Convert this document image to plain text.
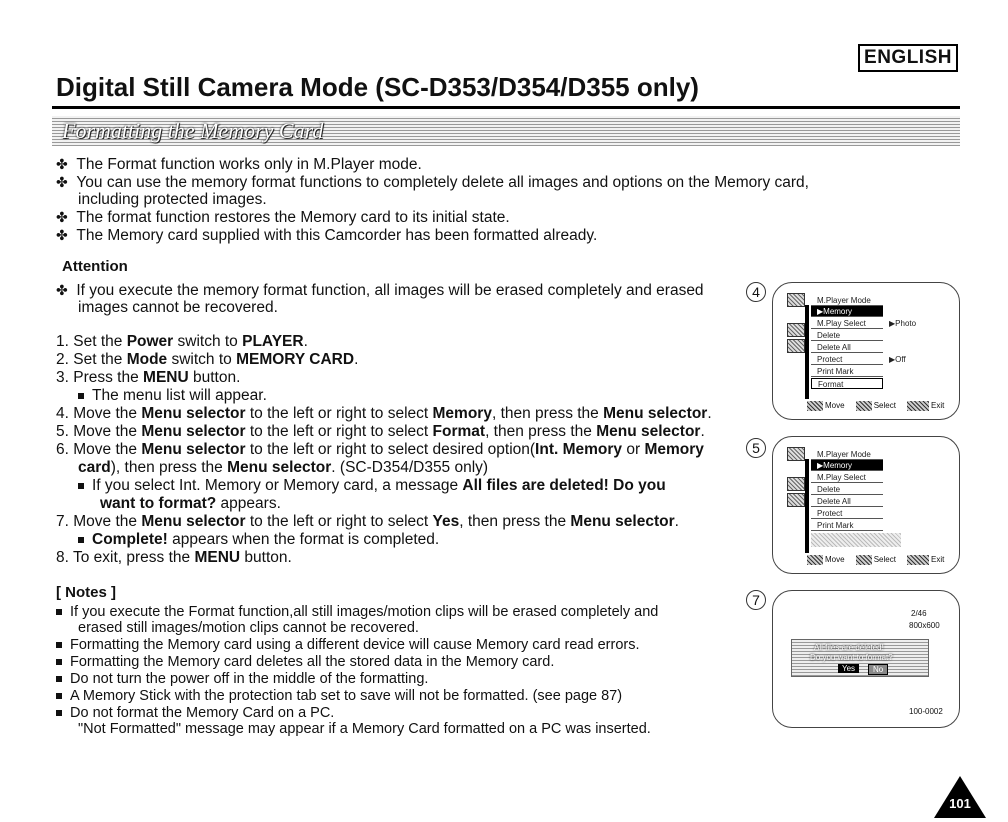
ENGLISH
Digital Still Camera Mode (SC-D353/D354/D355 only)
Formatting the Memory Card
✤ The Format function works only in M.Player mode.
✤ You can use the memory format functions to completely delete all images and options on the Memory card,
including protected images.
✤ The format function restores the Memory card to its initial state.
✤ The Memory card supplied with this Camcorder has been formatted already.
Attention
✤ If you execute the memory format function, all images will be erased completely and erased
images cannot be recovered.
1. Set the Power switch to PLAYER.
2. Set the Mode switch to MEMORY CARD.
3. Press the MENU button.
The menu list will appear.
4. Move the Menu selector to the left or right to select Memory, then press the Menu selector.
5. Move the Menu selector to the left or right to select Format, then press the Menu selector.
6. Move the Menu selector to the left or right to select desired option(Int. Memory or Memory
card), then press the Menu selector. (SC-D354/D355 only)
If you select Int. Memory or Memory card, a message All files are deleted! Do you
want to format? appears.
7. Move the Menu selector to the left or right to select Yes, then press the Menu selector.
Complete! appears when the format is completed.
8. To exit, press the MENU button.
[ Notes ]
If you execute the Format function,all still images/motion clips will be erased completely and
erased still images/motion clips cannot be recovered.
Formatting the Memory card using a different device will cause Memory card read errors.
Formatting the Memory card deletes all the stored data in the Memory card.
Do not turn the power off in the middle of the formatting.
A Memory Stick with the protection tab set to save will not be formatted. (see page 87)
Do not format the Memory Card on a PC.
"Not Formatted" message may appear if a Memory Card formatted on a PC was inserted.
4
M.Player Mode
▶Memory
M.Play Select
Delete
Delete All
Protect
Print Mark
Format
▶Photo
▶Off
Move	Select	Exit
5	M.Player Mode
▶Memory
M.Play Select
Delete
Delete All
Protect
Print Mark
Move	Select	Exit
7
2/46
800x600
All files are deleted!
Do you want to format?
Yes	No
100-0002
101
